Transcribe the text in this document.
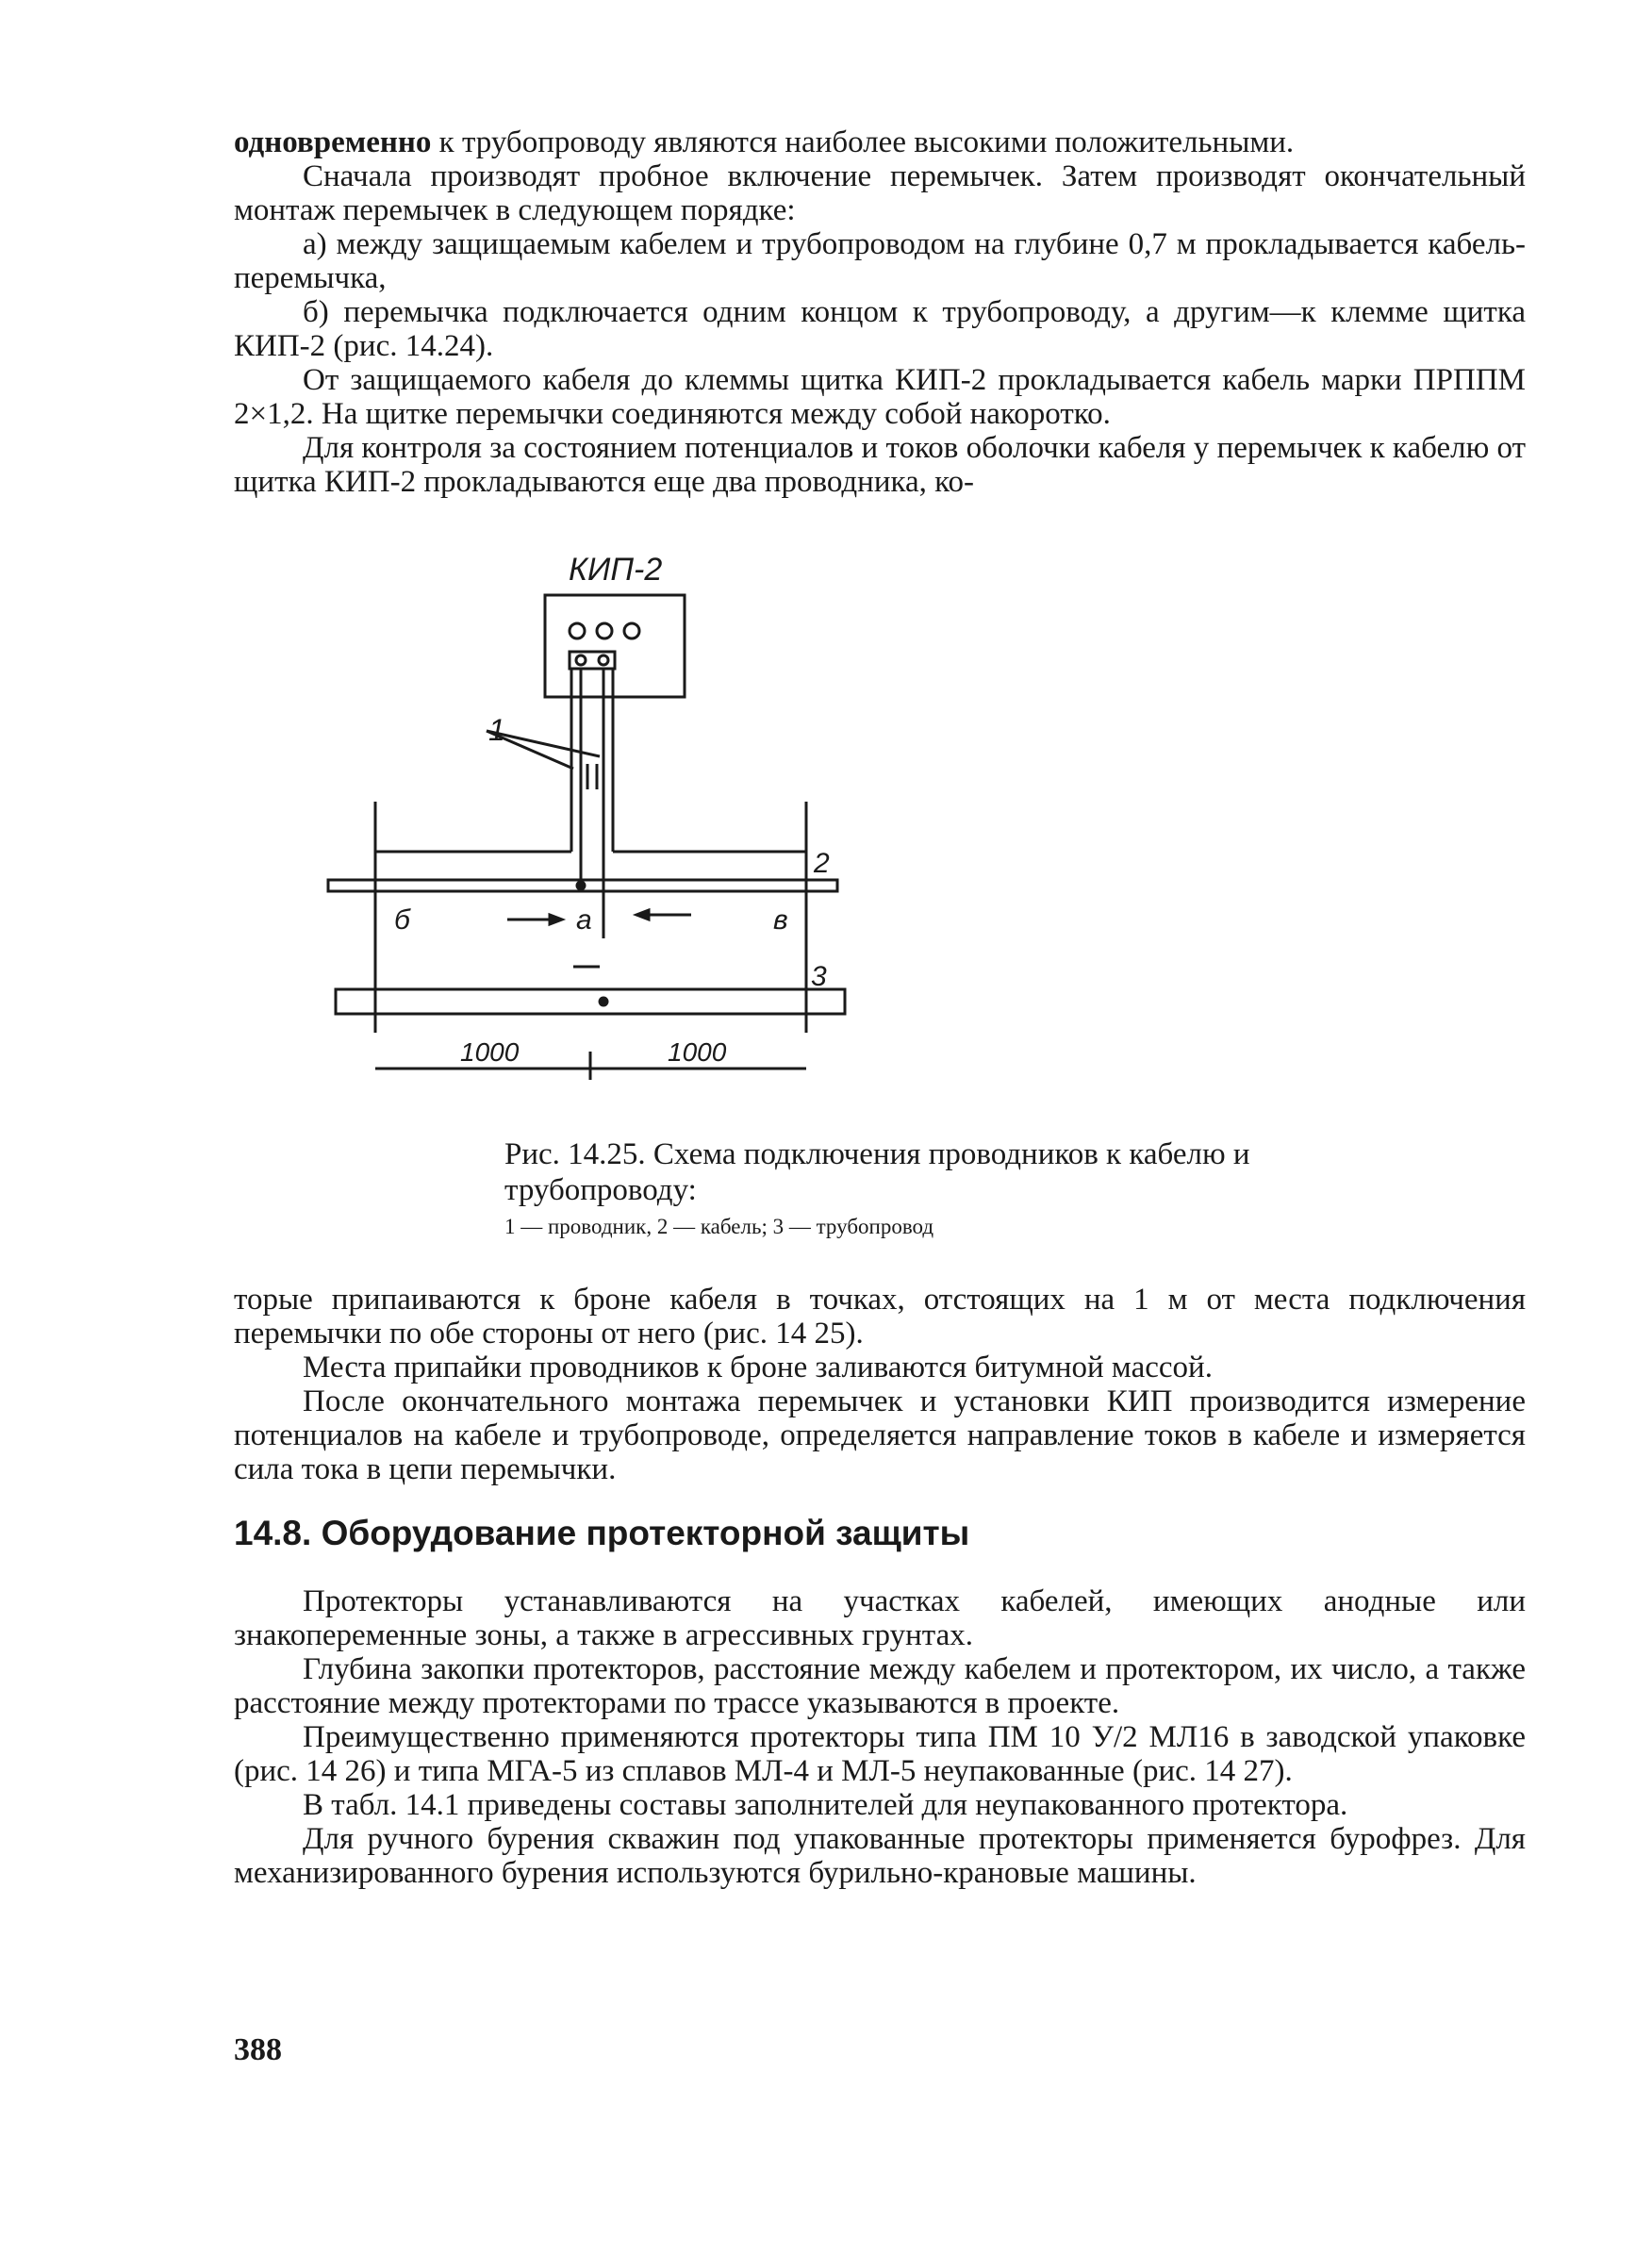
одновременно к трубопроводу являются наиболее высокими положительными.

Сначала производят пробное включение перемычек. Затем производят окончательный монтаж перемычек в следующем порядке:

а) между защищаемым кабелем и трубопроводом на глубине 0,7 м прокладывается кабель-перемычка,

б) перемычка подключается одним концом к трубопроводу, а другим—к клемме щитка КИП-2 (рис. 14.24).

От защищаемого кабеля до клеммы щитка КИП-2 прокладывается кабель марки ПРППМ 2×1,2. На щитке перемычки соединяются между собой накоротко.

Для контроля за состоянием потенциалов и токов оболочки кабеля у перемычек к кабелю от щитка КИП-2 прокладываются еще два проводника, ко-

КИП-2
1
2
3
б	а	в
1000	1000

Рис. 14.25. Схема подключения проводников к кабелю и трубопроводу:

1 — проводник, 2 — кабель; 3 — трубопровод

торые припаиваются к броне кабеля в точках, отстоящих на 1 м от места подключения перемычки по обе стороны от него (рис. 14 25).

Места припайки проводников к броне заливаются битумной массой.

После окончательного монтажа перемычек и установки КИП производится измерение потенциалов на кабеле и трубопроводе, определяется направление токов в кабеле и измеряется сила тока в цепи перемычки.

14.8. Оборудование протекторной защиты

Протекторы устанавливаются на участках кабелей, имеющих анодные или знакопеременные зоны, а также в агрессивных грунтах.

Глубина закопки протекторов, расстояние между кабелем и протектором, их число, а также расстояние между протекторами по трассе указываются в проекте.

Преимущественно применяются протекторы типа ПМ 10 У/2 МЛ16 в заводской упаковке (рис. 14 26) и типа МГА-5 из сплавов МЛ-4 и МЛ-5 неупакованные (рис. 14 27).

В табл. 14.1 приведены составы заполнителей для неупакованного протектора.

Для ручного бурения скважин под упакованные протекторы применяется бурофрез. Для механизированного бурения используются бурильно-крановые машины.

388
